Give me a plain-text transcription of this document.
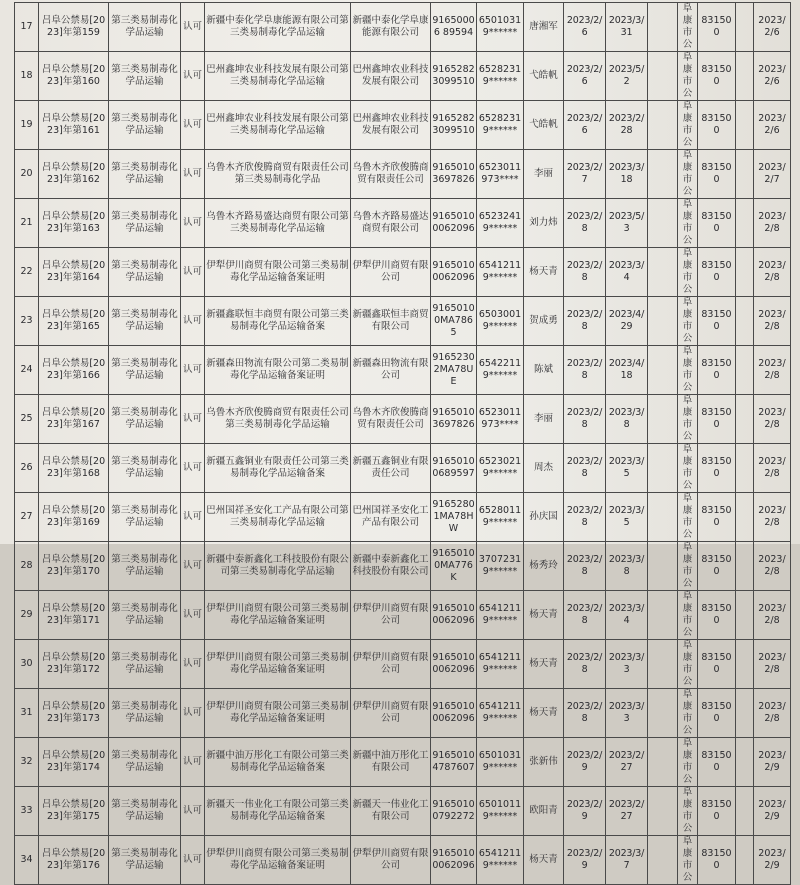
17	吕阜公禁易[2023]年第159	第三类易制毒化学品运输	认可	新疆中泰化学阜康能源有限公司第三类易制毒化学品运输	新疆中泰化学阜康能源有限公司	91650006 89594	6501031 9******	唐湘军	2023/2/6	2023/3/31		阜康市公	831500		2023/2/6
18	吕阜公禁易[2023]年第160	第三类易制毒化学品运输	认可	巴州鑫坤农业科技发展有限公司第三类易制毒化学品运输	巴州鑫坤农业科技发展有限公司	9165282 3099510	6528231 9******	弋皓帆	2023/2/6	2023/5/2		阜康市公	831500		2023/2/6
19	吕阜公禁易[2023]年第161	第三类易制毒化学品运输	认可	巴州鑫坤农业科技发展有限公司第三类易制毒化学品运输	巴州鑫坤农业科技发展有限公司	9165282 3099510	6528231 9******	弋皓帆	2023/2/6	2023/2/28		阜康市公	831500		2023/2/6
20	吕阜公禁易[2023]年第162	第三类易制毒化学品运输	认可	乌鲁木齐欣俊腾商贸有限责任公司第三类易制毒化学品	乌鲁木齐欣俊腾商贸有限责任公司	9165010 3697826	6523011 973****	李丽	2023/2/7	2023/3/18		阜康市公	831500		2023/2/7
21	吕阜公禁易[2023]年第163	第三类易制毒化学品运输	认可	乌鲁木齐路易盛达商贸有限公司第三类易制毒化学品运输	乌鲁木齐路易盛达商贸有限公司	9165010 0062096	6523241 9******	刘力炜	2023/2/8	2023/5/3		阜康市公	831500		2023/2/8
22	吕阜公禁易[2023]年第164	第三类易制毒化学品运输	认可	伊犁伊川商贸有限公司第三类易制毒化学品运输备案证明	伊犁伊川商贸有限公司	9165010 0062096	6541211 9******	杨天青	2023/2/8	2023/3/4		阜康市公	831500		2023/2/8
23	吕阜公禁易[2023]年第165	第三类易制毒化学品运输	认可	新疆鑫联恒丰商贸有限公司第三类易制毒化学品运输备案	新疆鑫联恒丰商贸有限公司	9165010 0MA7865	6503001 9******	贺成勇	2023/2/8	2023/4/29		阜康市公	831500		2023/2/8
24	吕阜公禁易[2023]年第166	第三类易制毒化学品运输	认可	新疆森田物流有限公司第二类易制毒化学品运输备案证明	新疆森田物流有限公司	9165230 2MA78UE	6542211 9******	陈斌	2023/2/8	2023/4/18		阜康市公	831500		2023/2/8
25	吕阜公禁易[2023]年第167	第三类易制毒化学品运输	认可	乌鲁木齐欣俊腾商贸有限责任公司第三类易制毒化学品运输	乌鲁木齐欣俊腾商贸有限责任公司	9165010 3697826	6523011 973****	李丽	2023/2/8	2023/3/8		阜康市公	831500		2023/2/8
26	吕阜公禁易[2023]年第168	第三类易制毒化学品运输	认可	新疆五鑫铜业有限责任公司第三类易制毒化学品运输备案	新疆五鑫铜业有限责任公司	9165010 0689597	6523021 9******	周杰	2023/2/8	2023/3/5		阜康市公	831500		2023/2/8
27	吕阜公禁易[2023]年第169	第三类易制毒化学品运输	认可	巴州国祥圣安化工产品有限公司第三类易制毒化学品运输	巴州国祥圣安化工产品有限公司	9165280 1MA78HW	6528011 9******	孙庆国	2023/2/8	2023/3/5		阜康市公	831500		2023/2/8
28	吕阜公禁易[2023]年第170	第三类易制毒化学品运输	认可	新疆中泰新鑫化工科技股份有限公司第三类易制毒化学品运输	新疆中泰新鑫化工科技股份有限公司	9165010 0MA776K	3707231 9******	杨秀玲	2023/2/8	2023/3/8		阜康市公	831500		2023/2/8
29	吕阜公禁易[2023]年第171	第三类易制毒化学品运输	认可	伊犁伊川商贸有限公司第三类易制毒化学品运输备案证明	伊犁伊川商贸有限公司	9165010 0062096	6541211 9******	杨天青	2023/2/8	2023/3/4		阜康市公	831500		2023/2/8
30	吕阜公禁易[2023]年第172	第三类易制毒化学品运输	认可	伊犁伊川商贸有限公司第三类易制毒化学品运输备案证明	伊犁伊川商贸有限公司	9165010 0062096	6541211 9******	杨天青	2023/2/8	2023/3/3		阜康市公	831500		2023/2/8
31	吕阜公禁易[2023]年第173	第三类易制毒化学品运输	认可	伊犁伊川商贸有限公司第三类易制毒化学品运输备案证明	伊犁伊川商贸有限公司	9165010 0062096	6541211 9******	杨天青	2023/2/8	2023/3/3		阜康市公	831500		2023/2/8
32	吕阜公禁易[2023]年第174	第三类易制毒化学品运输	认可	新疆中油万彤化工有限公司第三类易制毒化学品运输备案	新疆中油万彤化工有限公司	9165010 4787607	6501031 9******	张新伟	2023/2/9	2023/2/27		阜康市公	831500		2023/2/9
33	吕阜公禁易[2023]年第175	第三类易制毒化学品运输	认可	新疆天一伟业化工有限公司第三类易制毒化学品运输备案	新疆天一伟业化工有限公司	9165010 0792272	6501011 9******	欧阳青	2023/2/9	2023/2/27		阜康市公	831500		2023/2/9
34	吕阜公禁易[2023]年第176	第三类易制毒化学品运输	认可	伊犁伊川商贸有限公司第三类易制毒化学品运输备案证明	伊犁伊川商贸有限公司	9165010 0062096	6541211 9******	杨天青	2023/2/9	2023/3/7		阜康市公	831500		2023/2/9
